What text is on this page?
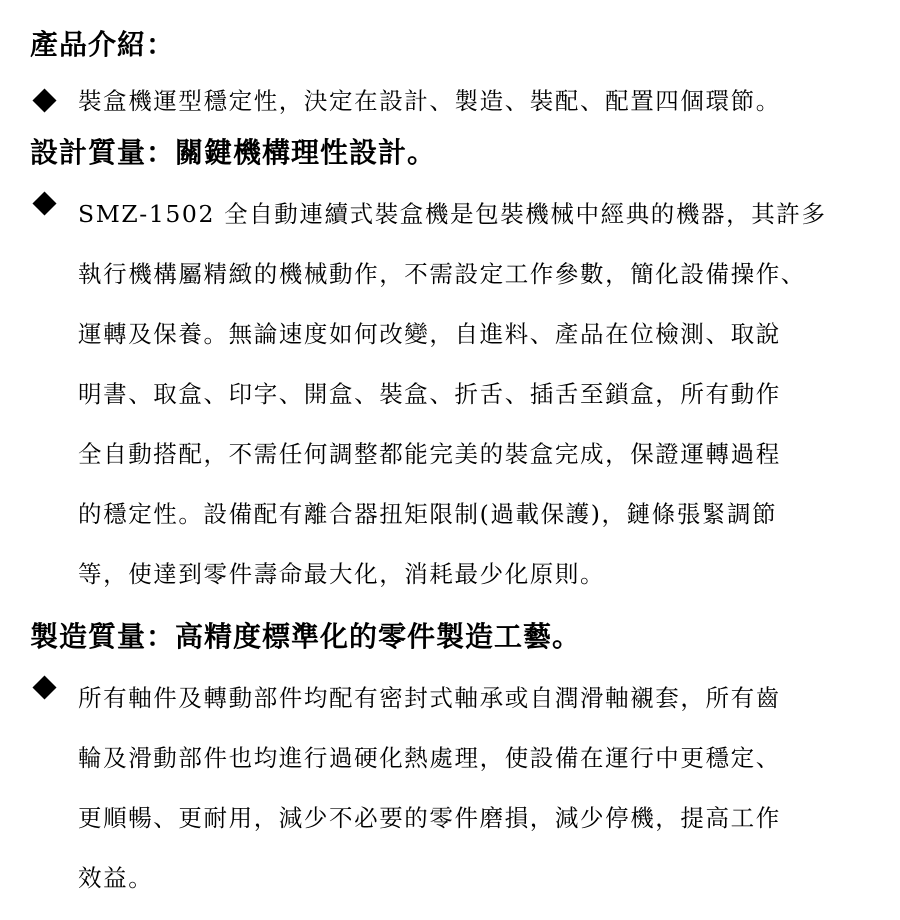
產品介紹：
裝盒機運型穩定性，決定在設計、製造、裝配、配置四個環節。
設計質量：關鍵機構理性設計。
SMZ-1502 全自動連續式裝盒機是包裝機械中經典的機器，其許多
執行機構屬精緻的機械動作，不需設定工作參數，簡化設備操作、
運轉及保養。無論速度如何改變，自進料、產品在位檢測、取說
明書、取盒、印字、開盒、裝盒、折舌、插舌至鎖盒，所有動作
全自動搭配，不需任何調整都能完美的裝盒完成，保證運轉過程
的穩定性。設備配有離合器扭矩限制(過載保護)，鏈條張緊調節
等，使達到零件壽命最大化，消耗最少化原則。
製造質量：高精度標準化的零件製造工藝。
所有軸件及轉動部件均配有密封式軸承或自潤滑軸襯套，所有齒
輪及滑動部件也均進行過硬化熱處理，使設備在運行中更穩定、
更順暢、更耐用，減少不必要的零件磨損，減少停機，提高工作
效益。
